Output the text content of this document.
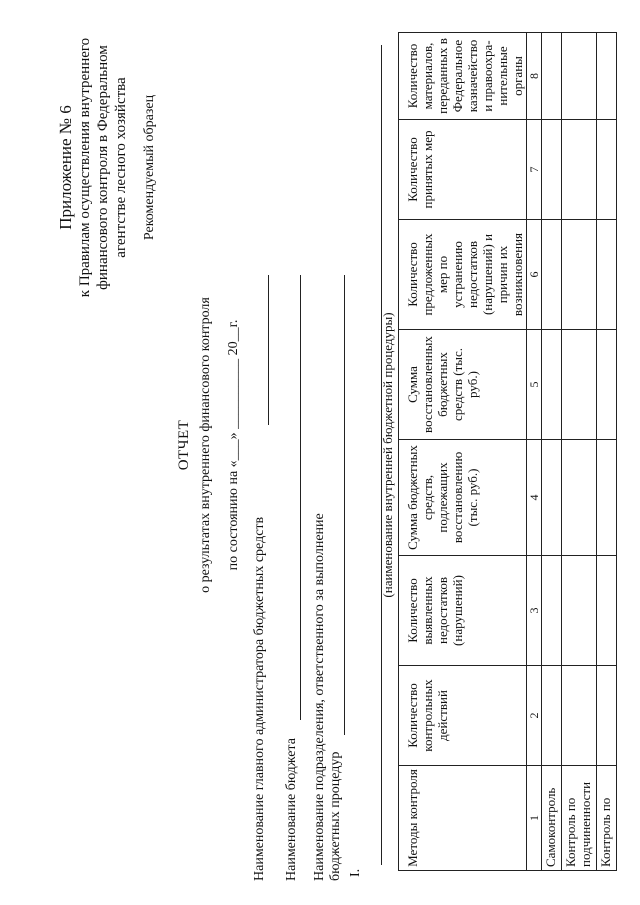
Приложение № 6 к Правилам осуществления внутреннего финансового контроля в Федеральном агентстве лесного хозяйства Рекомендуемый образец
ОТЧЕТ о результатах внутреннего финансового контроля по состоянию на «___» __________ 20__г.
Наименование главного администратора бюджетных средств Наименование бюджета Наименование подразделения, ответственного за выполнение бюджетных процедур I.
(наименование внутренней бюджетной процедуры)
Методы контроля	Количество контрольных действий	Количество выявленных недостатков (нарушений)	Сумма бюджетных средств, подлежащих восстановлению (тыс. руб.)	Сумма восстановленных бюджетных средств (тыс. руб.)	Количество предложенных мер по устранению недостатков (нарушений) и причин их возникновения	Количество принятых мер	Количество материалов, переданных в Федеральное казначейство и правоохра-нительные органы
1	2	3	4	5	6	7	8
Самоконтроль							
Контроль по подчиненности							
Контроль по							
